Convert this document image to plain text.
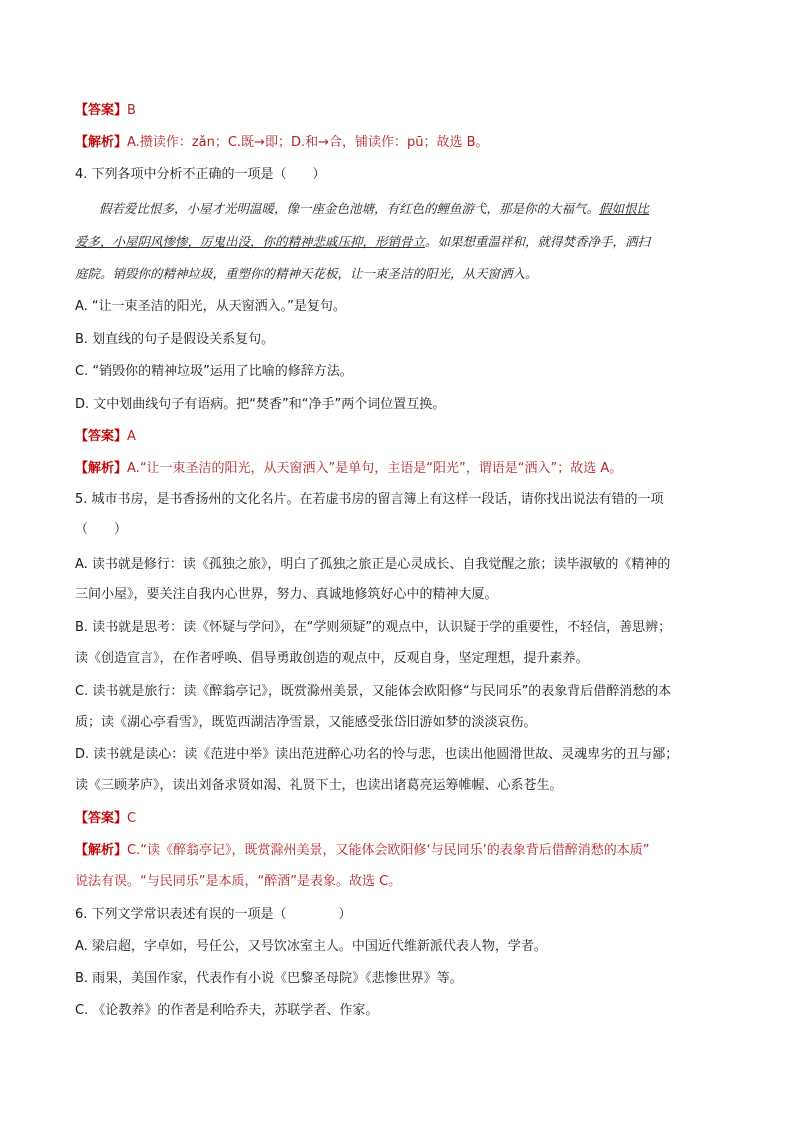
【答案】B
【解析】A.攒读作：zǎn；C.既→即；D.和→合，铺读作：pū；故选 B。
4. 下列各项中分析不正确的一项是（　　）
假若爱比恨多，小屋才光明温暖，像一座金色池塘，有红色的鲤鱼游弋，那是你的大福气。假如恨比
爱多，小屋阴风惨惨，厉鬼出没，你的精神悲戚压抑，形销骨立。如果想重温祥和，就得焚香净手，洒扫
庭院。销毁你的精神垃圾，重塑你的精神天花板，让一束圣洁的阳光，从天窗洒入。
A. “让一束圣洁的阳光，从天窗洒入。”是复句。
B. 划直线的句子是假设关系复句。
C. “销毁你的精神垃圾”运用了比喻的修辞方法。
D. 文中划曲线句子有语病。把“焚香”和“净手”两个词位置互换。
【答案】A
【解析】A.“让一束圣洁的阳光，从天窗洒入”是单句，主语是“阳光”，谓语是“洒入”；故选 A。
5. 城市书房，是书香扬州的文化名片。在若虚书房的留言簿上有这样一段话，请你找出说法有错的一项
（　　）
A. 读书就是修行：读《孤独之旅》，明白了孤独之旅正是心灵成长、自我觉醒之旅；读毕淑敏的《精神的
三间小屋》，要关注自我内心世界，努力、真诚地修筑好心中的精神大厦。
B. 读书就是思考：读《怀疑与学问》，在“学则须疑”的观点中，认识疑于学的重要性，不轻信，善思辨；
读《创造宣言》，在作者呼唤、倡导勇敢创造的观点中，反观自身，坚定理想，提升素养。
C. 读书就是旅行：读《醉翁亭记》，既赏滁州美景，又能体会欧阳修“与民同乐”的表象背后借醉消愁的本
质；读《湖心亭看雪》，既览西湖洁净雪景，又能感受张岱旧游如梦的淡淡哀伤。
D. 读书就是读心：读《范进中举》读出范进醉心功名的怜与悲，也读出他圆滑世故、灵魂卑劣的丑与鄙；
读《三顾茅庐》，读出刘备求贤如渴、礼贤下士，也读出诸葛亮运筹帷幄、心系苍生。
【答案】C
【解析】C.“读《醉翁亭记》，既赏滁州美景，又能体会欧阳修‘与民同乐’的表象背后借醉消愁的本质”
说法有误。“与民同乐”是本质，“醉酒”是表象。故选 C。
6. 下列文学常识表述有误的一项是（　　　　）
A. 梁启超，字卓如，号任公，又号饮冰室主人。中国近代维新派代表人物，学者。
B. 雨果，美国作家，代表作有小说《巴黎圣母院》《悲惨世界》等。
C. 《论教养》的作者是利哈乔夫，苏联学者、作家。
